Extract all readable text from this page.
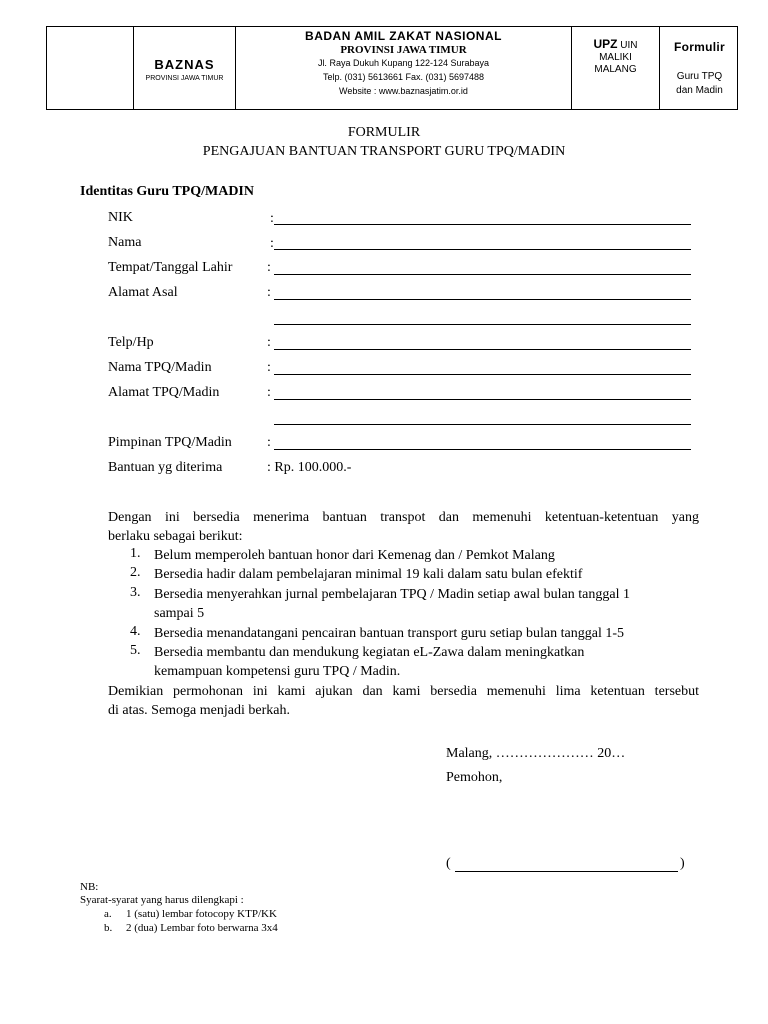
BAZNAS
PROVINSI JAWA TIMUR
BADAN AMIL ZAKAT NASIONAL
PROVINSI JAWA TIMUR
Jl. Raya Dukuh Kupang 122-124 Surabaya
Telp. (031) 5613661 Fax. (031) 5697488
Website : www.baznasjatim.or.id
UPZ UIN
MALIKI
MALANG
Formulir
Guru TPQ
dan Madin
FORMULIR
PENGAJUAN BANTUAN TRANSPORT GURU TPQ/MADIN
Identitas Guru TPQ/MADIN
NIK	:
Nama	:
Tempat/Tanggal Lahir :
Alamat Asal	:
Telp/Hp	:
Nama TPQ/Madin	:
Alamat TPQ/Madin	:
Pimpinan TPQ/Madin	:
Bantuan yg diterima	: Rp. 100.000.-
Dengan ini bersedia menerima bantuan transpot dan memenuhi ketentuan-ketentuan yang
berlaku sebagai berikut:
1. Belum memperoleh bantuan honor dari Kemenag dan / Pemkot Malang
2. Bersedia hadir dalam pembelajaran minimal 19 kali dalam satu bulan efektif
3. Bersedia menyerahkan jurnal pembelajaran TPQ / Madin setiap awal bulan tanggal 1
sampai 5
4. Bersedia menandatangani pencairan bantuan transport guru setiap bulan tanggal 1-5
5. Bersedia membantu dan mendukung kegiatan eL-Zawa dalam meningkatkan
kemampuan kompetensi guru TPQ / Madin.
Demikian permohonan ini kami ajukan dan kami bersedia memenuhi lima ketentuan tersebut
di atas. Semoga menjadi berkah.
Malang, ………………… 20…
Pemohon,
(	)
NB:
Syarat-syarat yang harus dilengkapi :
a. 1 (satu) lembar fotocopy KTP/KK
b. 2 (dua) Lembar foto berwarna 3x4
